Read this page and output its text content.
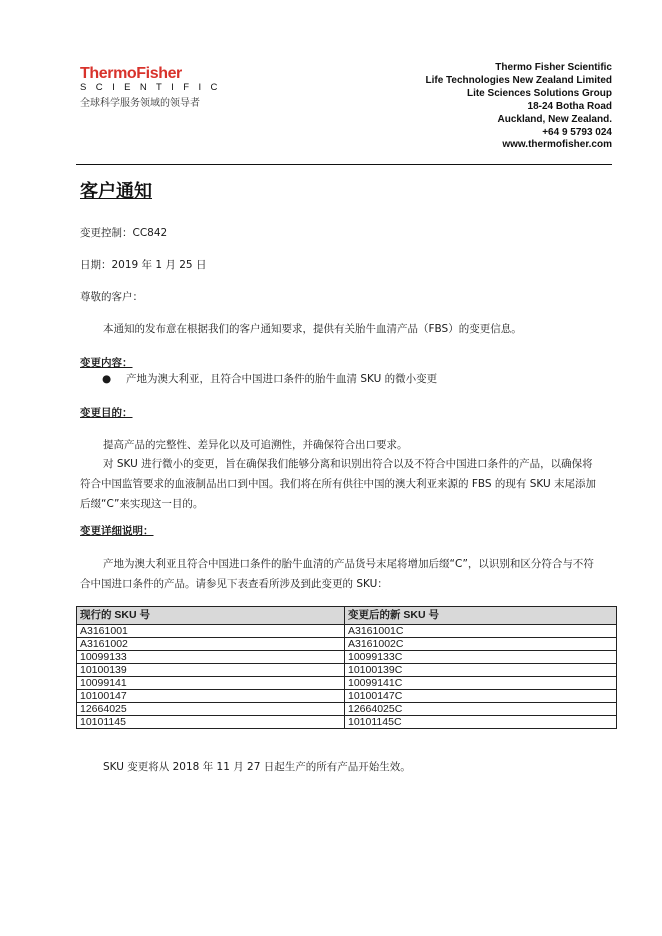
ThermoFisher
S C I E N T I F I C
全球科学服务领域的领导者
Thermo Fisher Scientific
Life Technologies New Zealand Limited
Lite Sciences Solutions Group
18-24 Botha Road
Auckland, New Zealand.
+64 9 5793 024
www.thermofisher.com
客户通知

变更控制：CC842

日期：2019 年 1 月 25 日

尊敬的客户：

本通知的发布意在根据我们的客户通知要求，提供有关胎牛血清产品（FBS）的变更信息。

变更内容：
● 产地为澳大利亚，且符合中国进口条件的胎牛血清 SKU 的微小变更
变更目的：

提高产品的完整性、差异化以及可追溯性，并确保符合出口要求。

对 SKU 进行微小的变更，旨在确保我们能够分离和识别出符合以及不符合中国进口条件的产品，以确保将符合中国监管要求的血液制品出口到中国。我们将在所有供往中国的澳大利亚来源的 FBS 的现有 SKU 末尾添加后缀“C”来实现这一目的。

变更详细说明：

产地为澳大利亚且符合中国进口条件的胎牛血清的产品货号末尾将增加后缀“C”，以识别和区分符合与不符合中国进口条件的产品。请参见下表查看所涉及到此变更的 SKU：

现行的 SKU 号	变更后的新 SKU 号
A3161001	A3161001C
A3161002	A3161002C
10099133	10099133C
10100139	10100139C
10099141	10099141C
10100147	10100147C
12664025	12664025C
10101145	10101145C

SKU 变更将从 2018 年 11 月 27 日起生产的所有产品开始生效。
